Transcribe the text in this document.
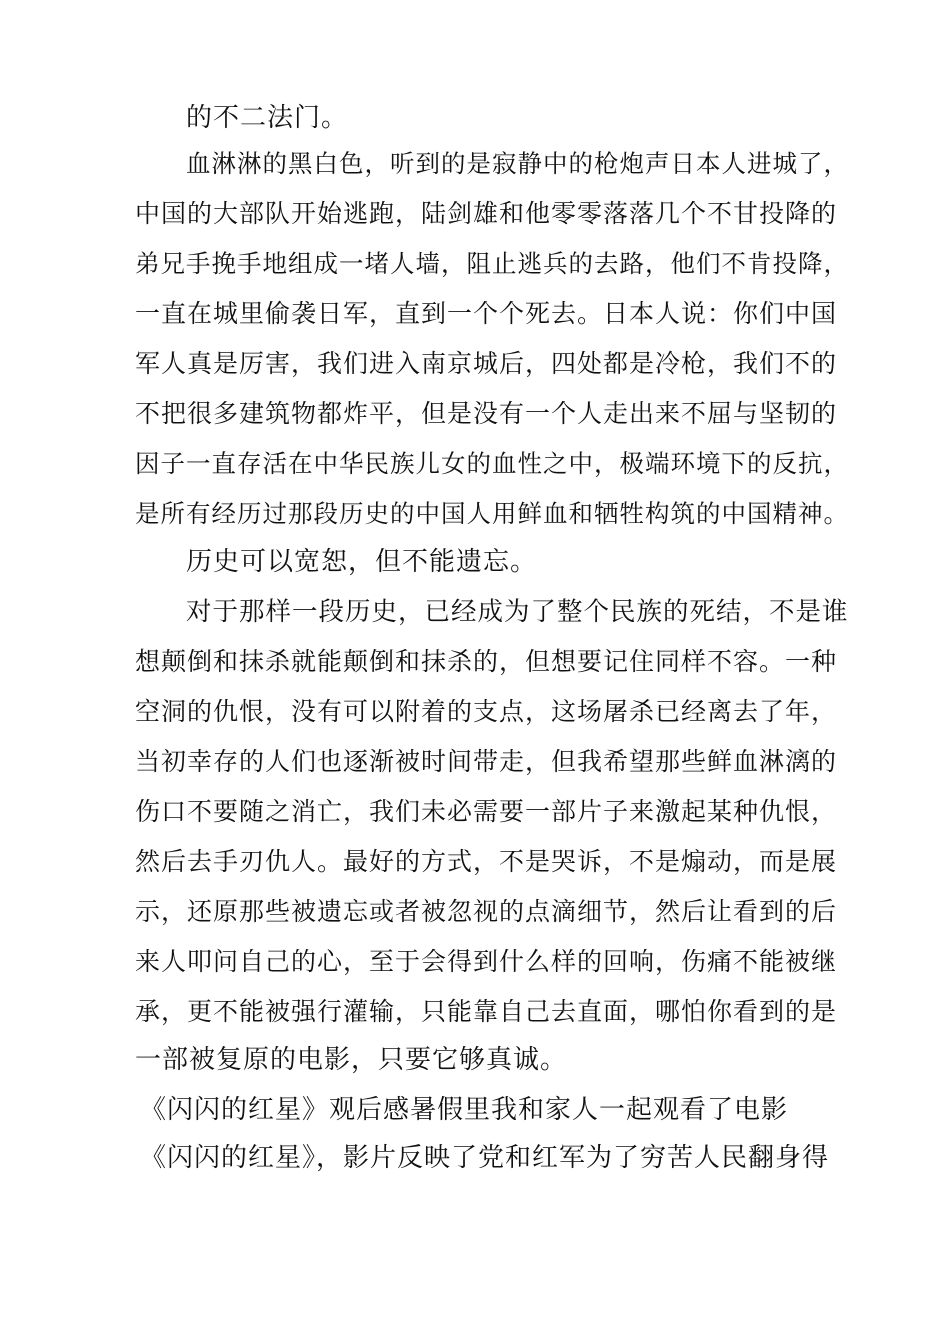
的不二法门。

血淋淋的黑白色，听到的是寂静中的枪炮声日本人进城了，

中国的大部队开始逃跑，陆剑雄和他零零落落几个不甘投降的

弟兄手挽手地组成一堵人墙，阻止逃兵的去路，他们不肯投降，

一直在城里偷袭日军，直到一个个死去。日本人说：你们中国

军人真是厉害，我们进入南京城后，四处都是冷枪，我们不的

不把很多建筑物都炸平，但是没有一个人走出来不屈与坚韧的

因子一直存活在中华民族儿女的血性之中，极端环境下的反抗，

是所有经历过那段历史的中国人用鲜血和牺牲构筑的中国精神。

历史可以宽恕，但不能遗忘。

对于那样一段历史，已经成为了整个民族的死结，不是谁

想颠倒和抹杀就能颠倒和抹杀的，但想要记住同样不容。一种

空洞的仇恨，没有可以附着的支点，这场屠杀已经离去了年，

当初幸存的人们也逐渐被时间带走，但我希望那些鲜血淋漓的

伤口不要随之消亡，我们未必需要一部片子来激起某种仇恨，

然后去手刃仇人。最好的方式，不是哭诉，不是煽动，而是展

示，还原那些被遗忘或者被忽视的点滴细节，然后让看到的后

来人叩问自己的心，至于会得到什么样的回响，伤痛不能被继

承，更不能被强行灌输，只能靠自己去直面，哪怕你看到的是

一部被复原的电影，只要它够真诚。

《闪闪的红星》观后感暑假里我和家人一起观看了电影

《闪闪的红星》，影片反映了党和红军为了穷苦人民翻身得
